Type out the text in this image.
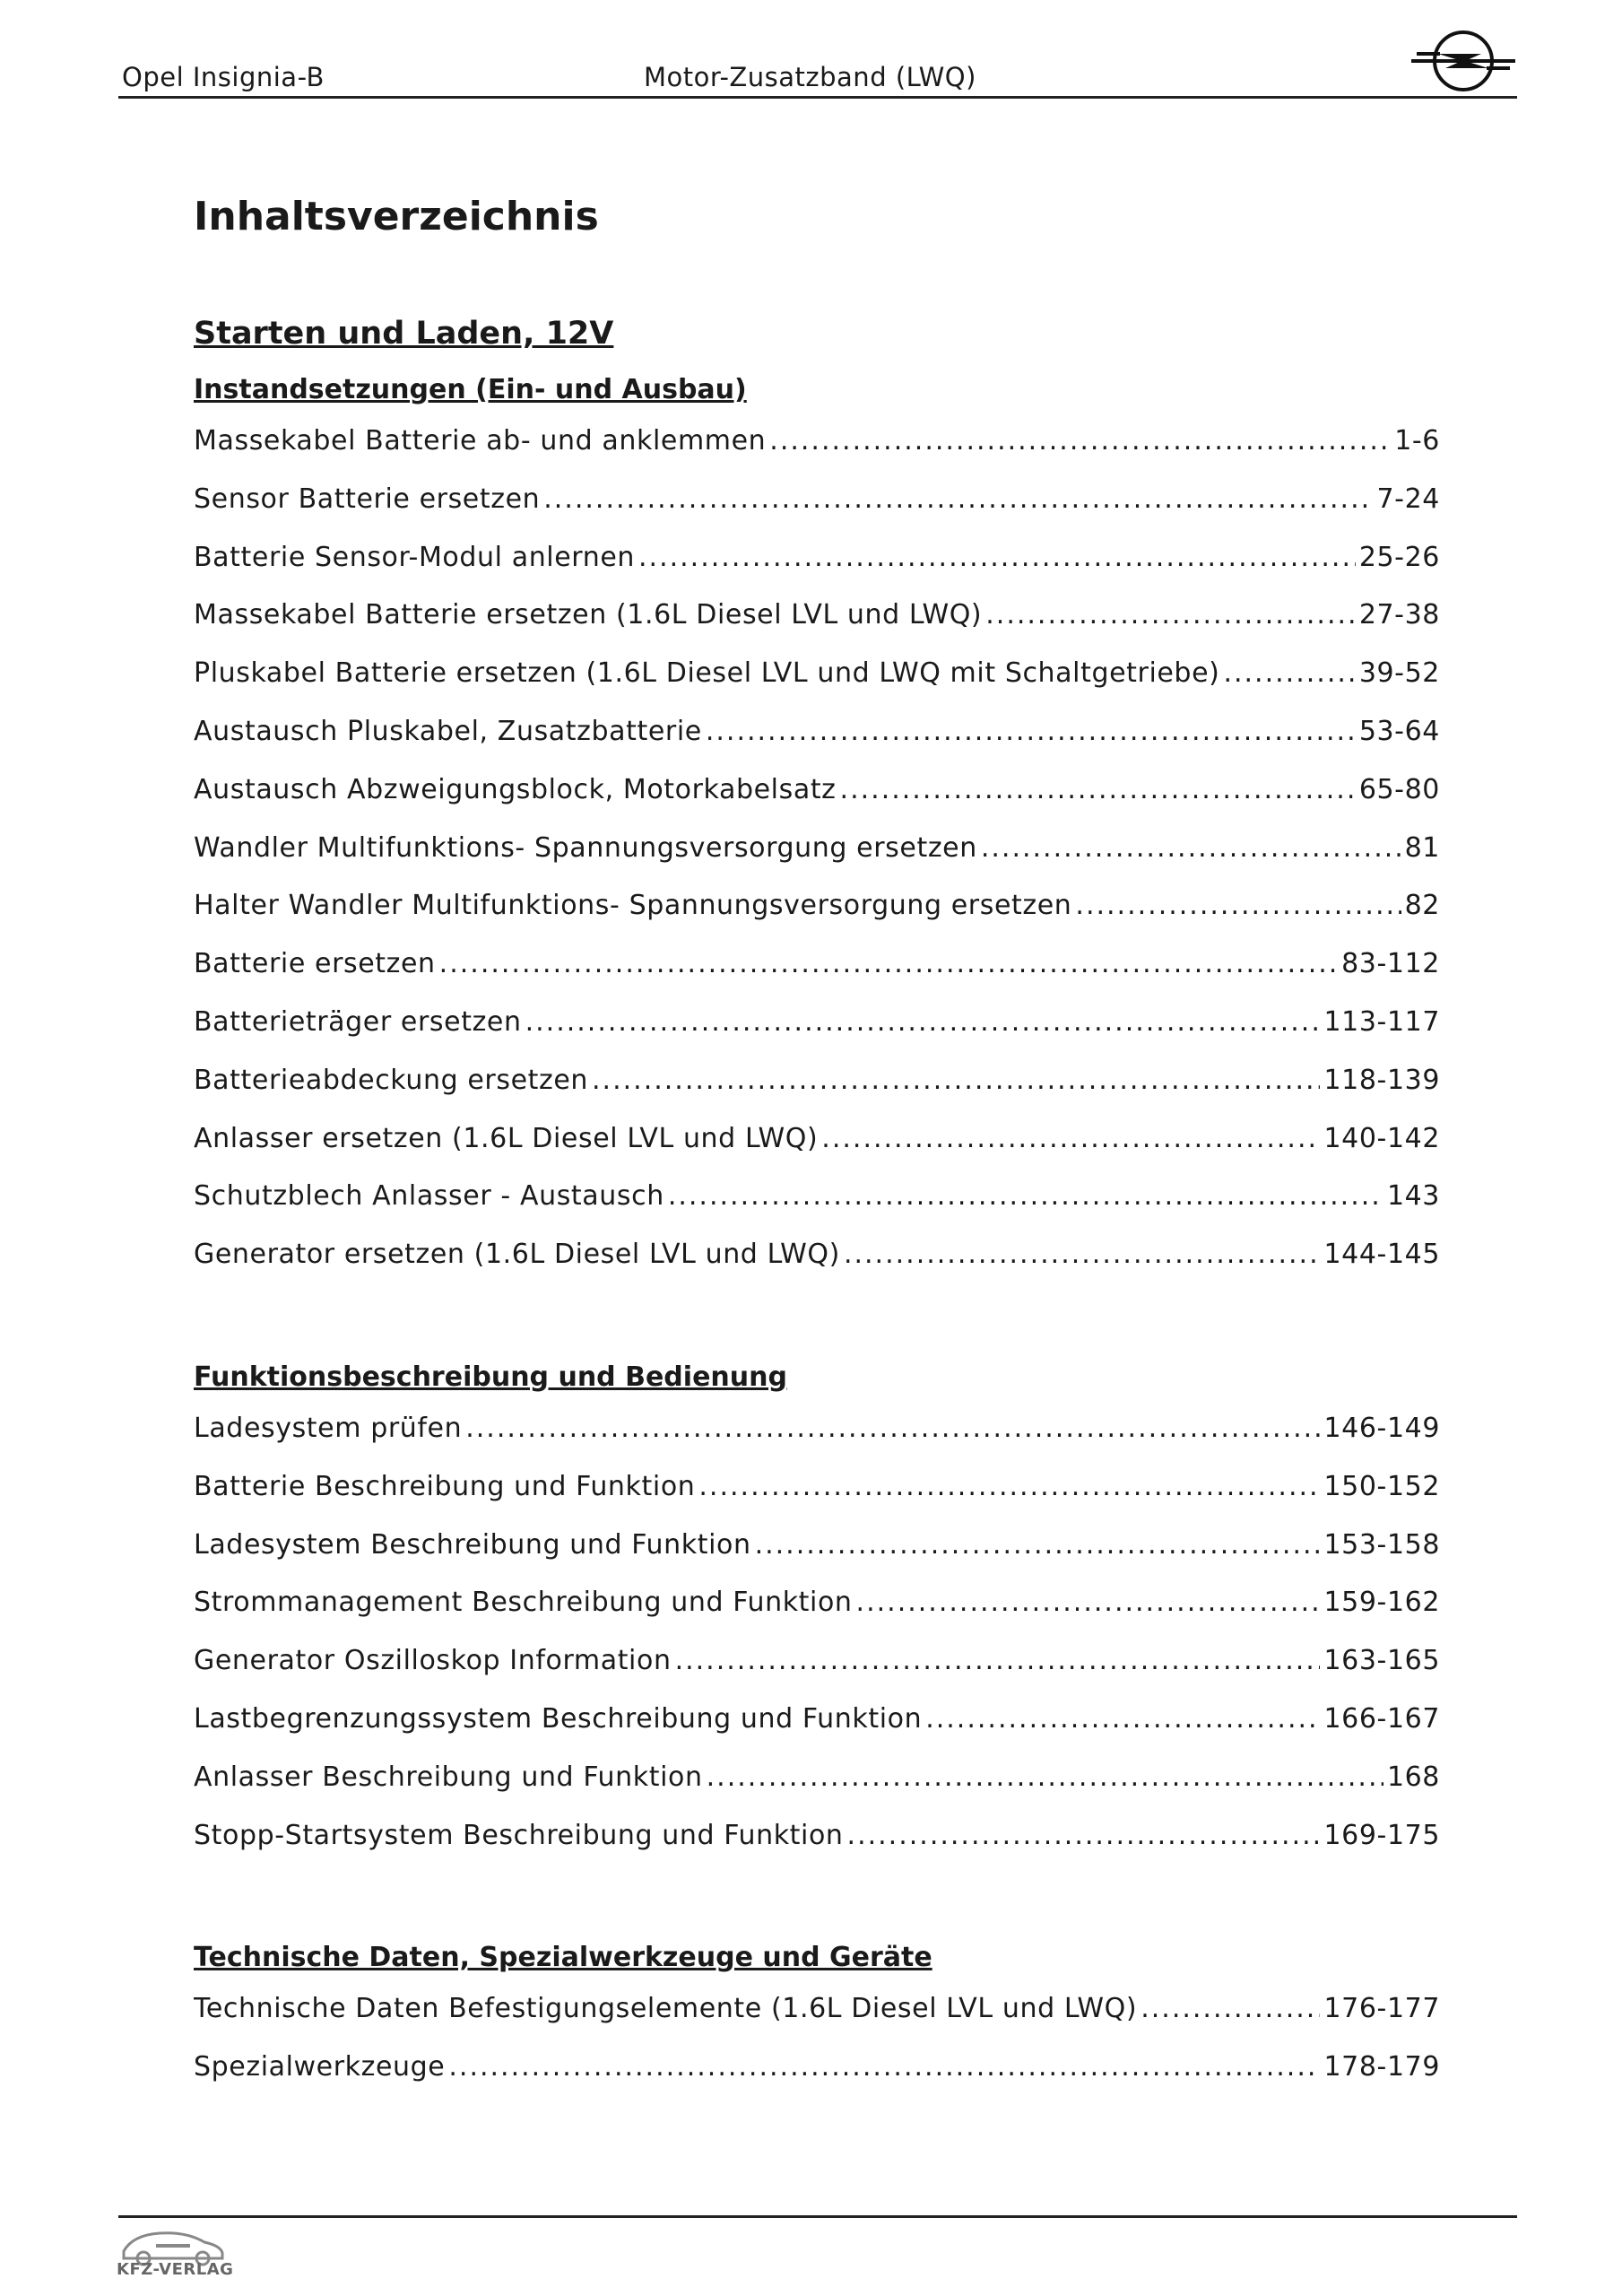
Opel Insignia-B	Motor-Zusatzband (LWQ)
Inhaltsverzeichnis
Starten und Laden, 12V
Instandsetzungen (Ein- und Ausbau)
Massekabel Batterie ab- und anklemmen .....	1-6
Sensor Batterie ersetzen .....	7-24
Batterie Sensor-Modul anlernen .....	25-26
Massekabel Batterie ersetzen (1.6L Diesel LVL und LWQ) .....	27-38
Pluskabel Batterie ersetzen (1.6L Diesel LVL und LWQ mit Schaltgetriebe) .....	39-52
Austausch Pluskabel, Zusatzbatterie .....	53-64
Austausch Abzweigungsblock, Motorkabelsatz .....	65-80
Wandler Multifunktions- Spannungsversorgung ersetzen .....	81
Halter Wandler Multifunktions- Spannungsversorgung ersetzen .....	82
Batterie ersetzen .....	83-112
Batterieträger ersetzen .....	113-117
Batterieabdeckung ersetzen .....	118-139
Anlasser ersetzen (1.6L Diesel LVL und LWQ) .....	140-142
Schutzblech Anlasser - Austausch .....	143
Generator ersetzen (1.6L Diesel LVL und LWQ) .....	144-145
Funktionsbeschreibung und Bedienung
Ladesystem prüfen .....	146-149
Batterie Beschreibung und Funktion .....	150-152
Ladesystem Beschreibung und Funktion .....	153-158
Strommanagement Beschreibung und Funktion .....	159-162
Generator Oszilloskop Information .....	163-165
Lastbegrenzungssystem Beschreibung und Funktion .....	166-167
Anlasser Beschreibung und Funktion .....	168
Stopp-Startsystem Beschreibung und Funktion .....	169-175
Technische Daten, Spezialwerkzeuge und Geräte
Technische Daten Befestigungselemente (1.6L Diesel LVL und LWQ) .....	176-177
Spezialwerkzeuge .....	178-179
KFZ-VERLAG
